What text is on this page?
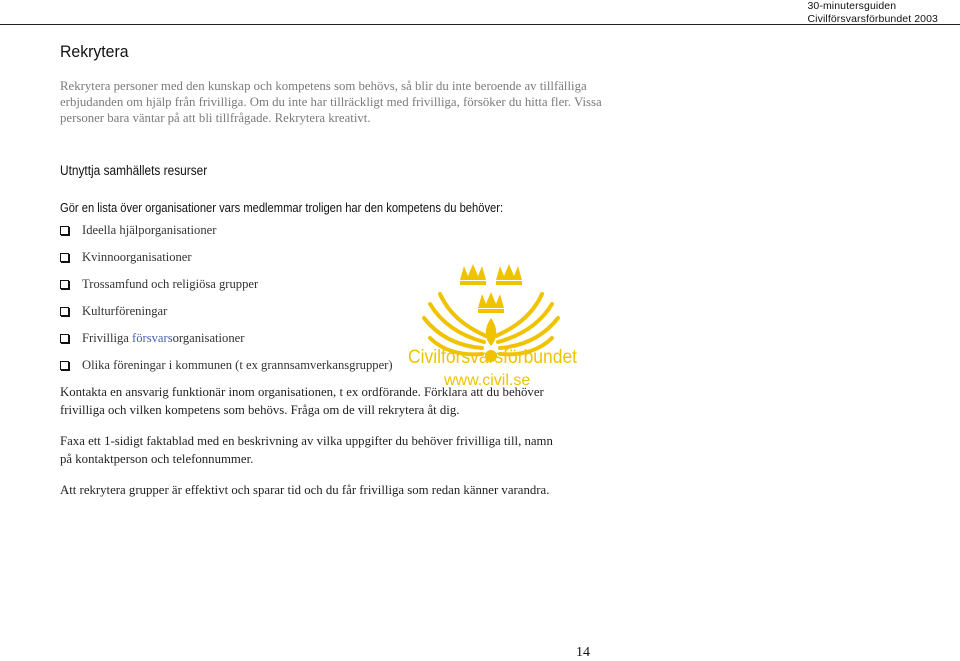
30-minutersguiden
Civilförsvarsförbundet 2003
Rekrytera
Rekrytera personer med den kunskap och kompetens som behövs, så blir du inte beroende av tillfälliga erbjudanden om hjälp från frivilliga. Om du inte har tillräckligt med frivilliga, försöker du hitta fler. Vissa personer bara väntar på att bli tillfrågade. Rekrytera kreativt.
Utnyttja samhällets resurser
Gör en lista över organisationer vars medlemmar troligen har den kompetens du behöver:
Civilförsvarsförbundet
www.civil.se
Ideella hjälporganisationer
Kvinnoorganisationer
Trossamfund och religiösa grupper
Kulturföreningar
Frivilliga försvarsorganisationer
Olika föreningar i kommunen (t ex grannsamverkansgrupper)
Kontakta en ansvarig funktionär inom organisationen, t ex ordförande. Förklara att du behöver frivilliga och vilken kompetens som behövs. Fråga om de vill rekrytera åt dig.
Faxa ett 1-sidigt faktablad med en beskrivning av vilka uppgifter du behöver frivilliga till, namn på kontaktperson och telefonnummer.
Att rekrytera grupper är effektivt och sparar tid och du får frivilliga som redan känner varandra.
14
